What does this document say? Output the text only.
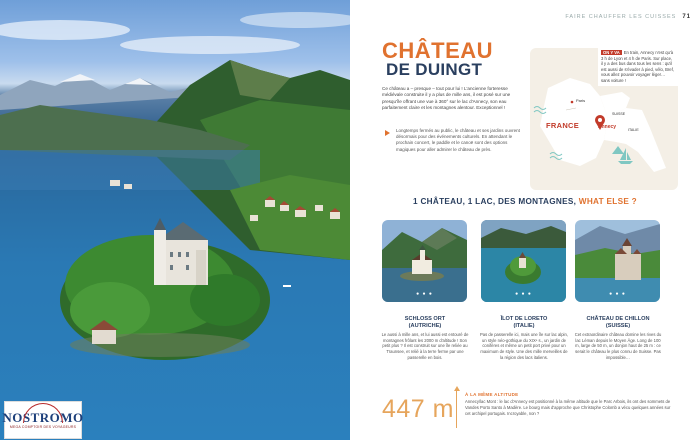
NOSTROMO
MEGA COMPTOIR DES VOYAGEURS
FAIRE CHAUFFER LES CUISSES 71
CHÂTEAU
DE DUINGT

Ce château a – presque – tout pour lui ! L'ancienne forteresse médiévale construite il y a plus de mille ans, il est posé sur une presqu'île offrant une vue à 360° sur le lac d'Annecy, son eau parfaitement claire et les montagnes alentour. Exceptionnel !

Longtemps fermés au public, le château et ses jardins ouvrent désormais pour des événements culturels. En attendant le prochain concert, le paddle et le canoë sont des options magiques pour aller admirer le château de près.

ON Y VA En train, Annecy n'est qu'à 3 h de Lyon et 4 h de Paris. Sur place, il y a des bus dans tous les sens : qu'il est aussi de s'évader à pied, vélo, Bref, vous allez pouvoir voyager léger… sans voiture !
Paris
SUISSE
FRANCE	Annecy	ITALIE
1 CHÂTEAU, 1 LAC, DES MONTAGNES, WHAT ELSE ?
● ● ●	● ● ●	● ● ●
SCHLOSS ORT
(AUTRICHE)

Le aussi à mille ans, et lui aussi est entouré de montagnes frôlant les 2000 m d'altitude ! Son petit plus ? Il est construit sur une île reliée au Traunsee, et relié à la terre ferme par une passerelle en bois.

ÎLOT DE LORETO
(ITALIE)

Pas de passerelle ici, mais une île sur lac alpin, un style néo-gothique du XIXᵉ s., un jardin de conifères et même un petit port privé pour un maximum de style. Une des mille merveilles de la région des lacs italiens.

CHÂTEAU DE CHILLON
(SUISSE)

Cet extraordinaire château domine les rives du lac Léman depuis le Moyen Âge. Long de 100 m, large de 50 m, un donjon haut de 25 m : ce serait le château le plus connu de Suisse. Pas impossible…

447 m
À LA MÊME ALTITUDE

Annecy/lac Mont : le lac d'Annecy est positionné à la même altitude que le Parc Arbois, ils ont des sommets de Vandes Porto Santo à Madère. Le bourg mais d'approche que Christophe Colomb a vécu quelques années sur cet archipel portugais. Incroyable, non ?
